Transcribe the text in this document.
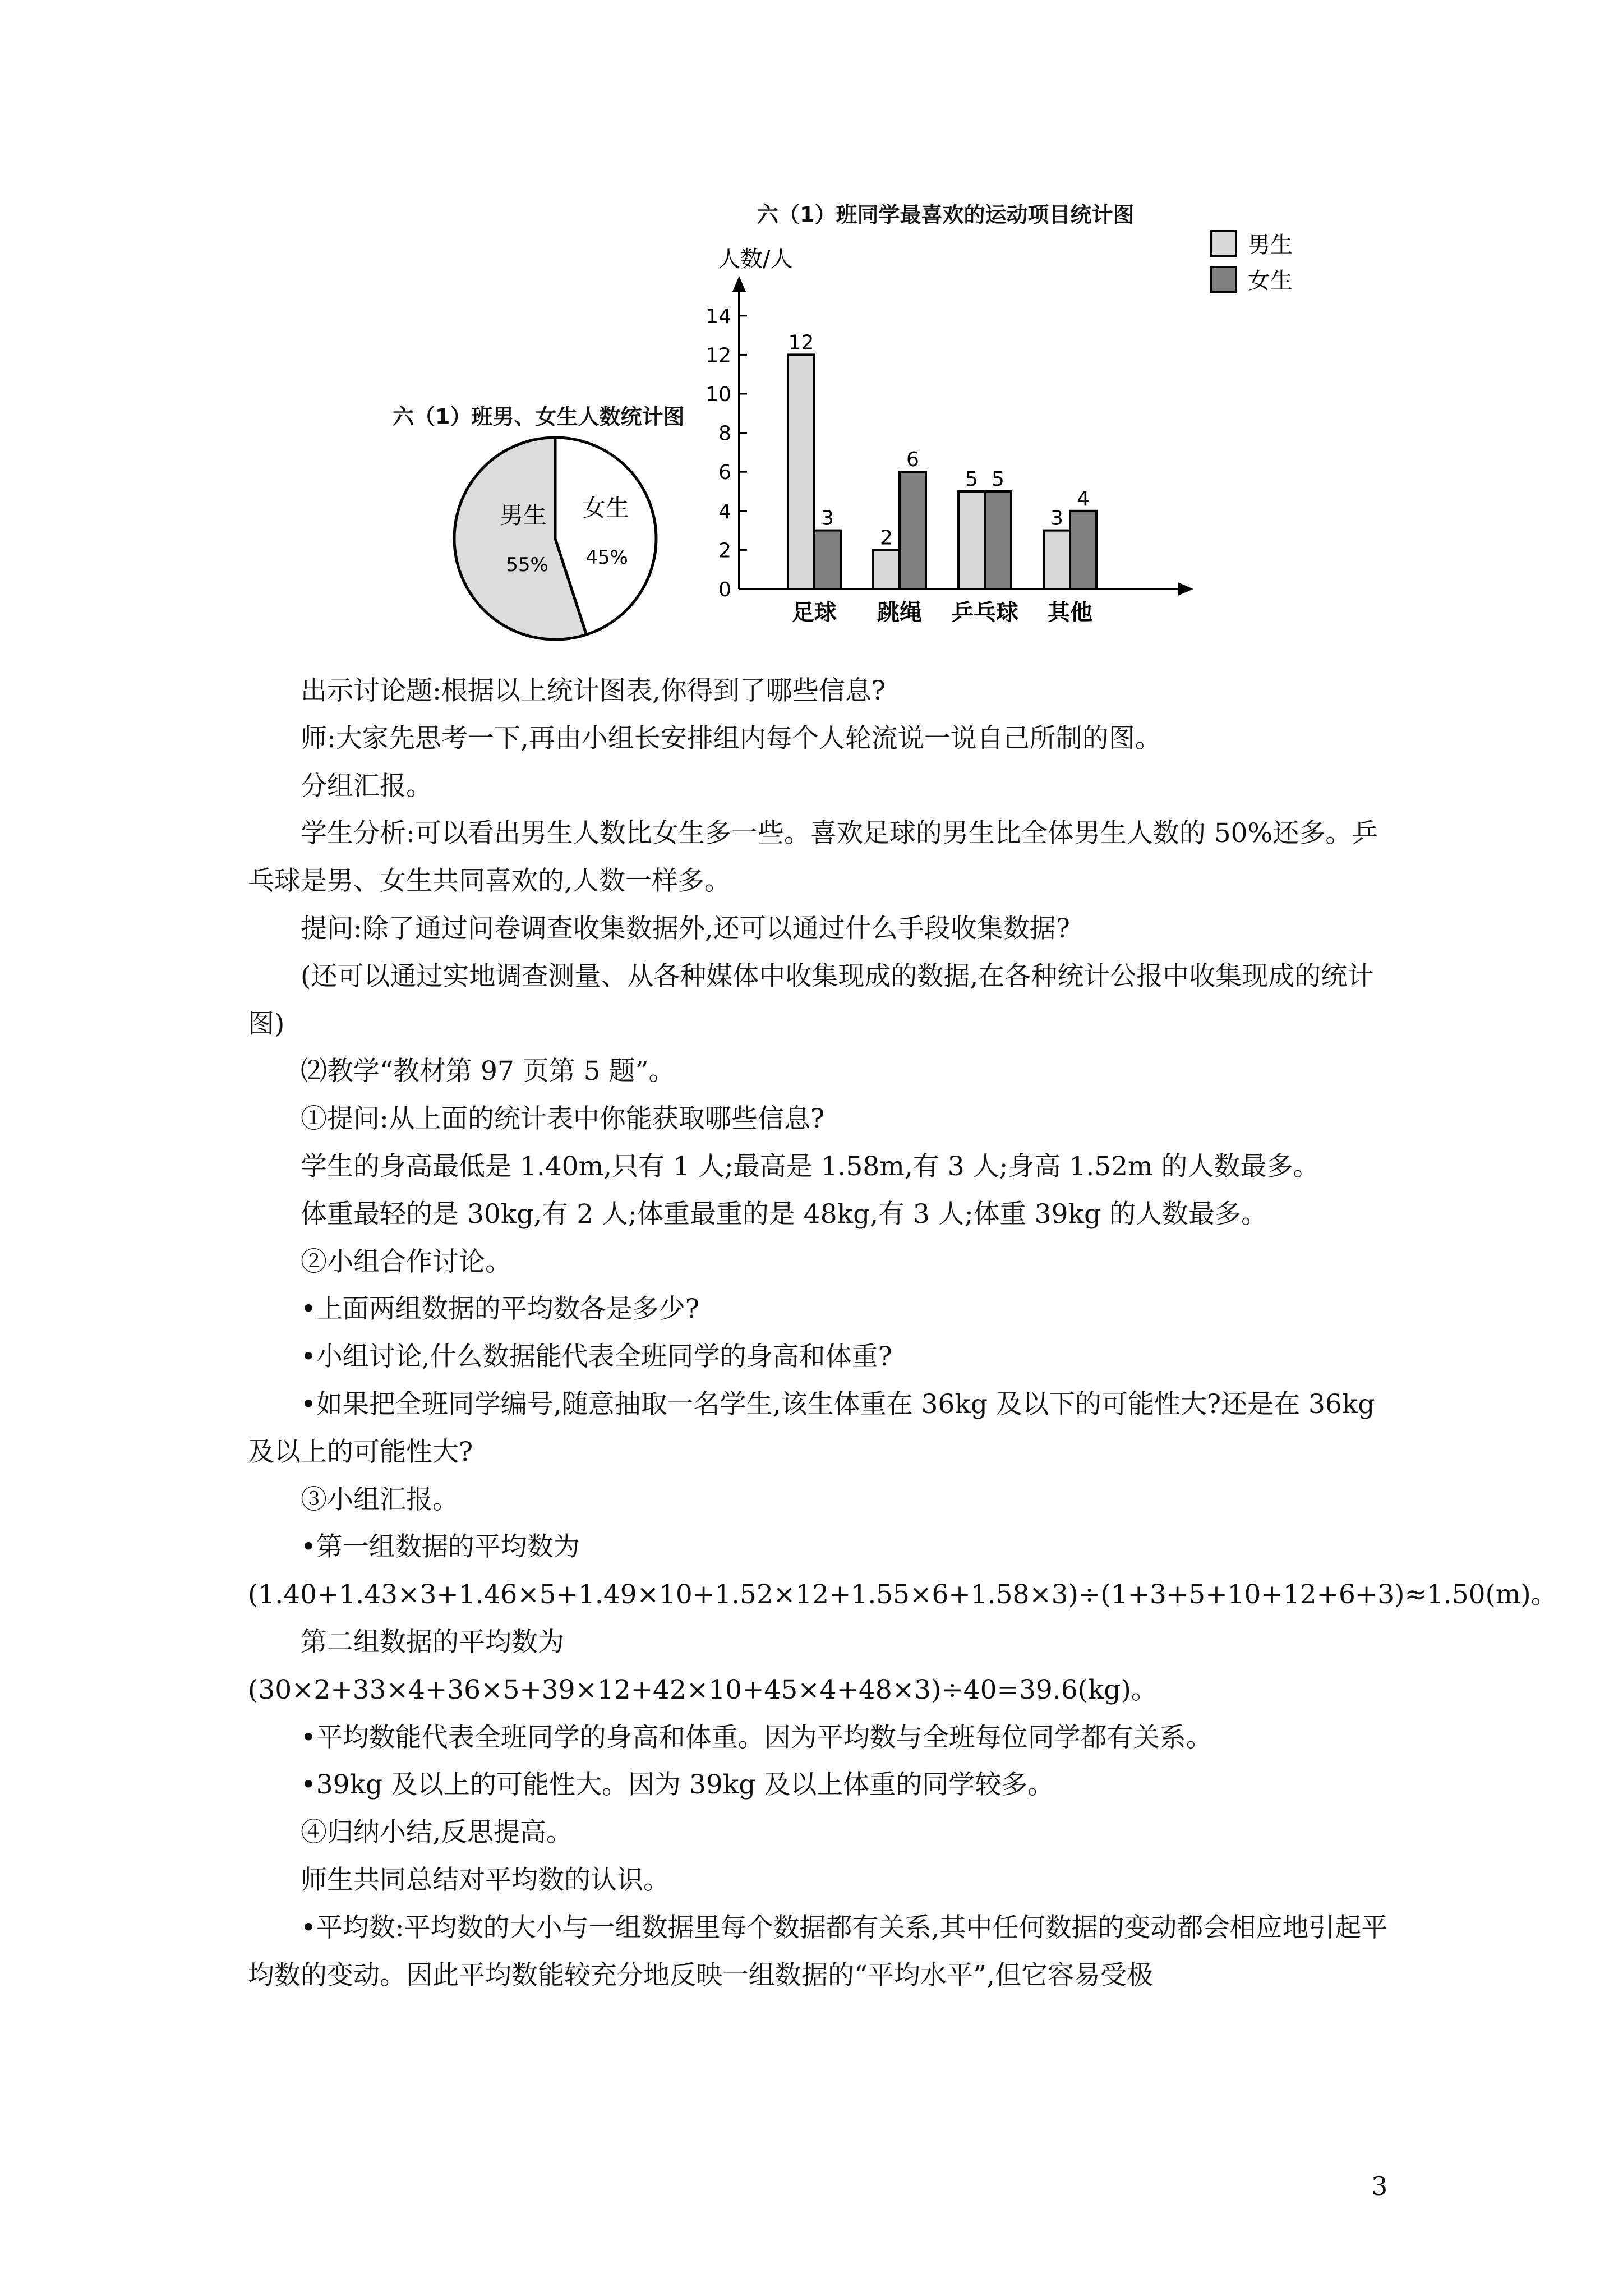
六（1）班男、女生人数统计图
男生
55%
女生
45%
六（1）班同学最喜欢的运动项目统计图
0
2
4
6
8
10
12
14
12
3
2
6
5 5
3
4
足球 跳绳 乒乓球 其他
人数/人
男生
女生

出示讨论题:根据以上统计图表,你得到了哪些信息?

师:大家先思考一下,再由小组长安排组内每个人轮流说一说自己所制的图。

分组汇报。

学生分析:可以看出男生人数比女生多一些。喜欢足球的男生比全体男生人数的 50%还多。乒乓球是男、女生共同喜欢的,人数一样多。

提问:除了通过问卷调查收集数据外,还可以通过什么手段收集数据?

(还可以通过实地调查测量、从各种媒体中收集现成的数据,在各种统计公报中收集现成的统计图)

⑵教学“教材第 97 页第 5 题”。

①提问:从上面的统计表中你能获取哪些信息?

学生的身高最低是 1.40m,只有 1 人;最高是 1.58m,有 3 人;身高 1.52m 的人数最多。

体重最轻的是 30kg,有 2 人;体重最重的是 48kg,有 3 人;体重 39kg 的人数最多。

②小组合作讨论。

•上面两组数据的平均数各是多少?

•小组讨论,什么数据能代表全班同学的身高和体重?

•如果把全班同学编号,随意抽取一名学生,该生体重在 36kg 及以下的可能性大?还是在 36kg 及以上的可能性大?

③小组汇报。

•第一组数据的平均数为

(1.40+1.43×3+1.46×5+1.49×10+1.52×12+1.55×6+1.58×3)÷(1+3+5+10+12+6+3)≈1.50(m)。

第二组数据的平均数为

(30×2+33×4+36×5+39×12+42×10+45×4+48×3)÷40=39.6(kg)。

•平均数能代表全班同学的身高和体重。因为平均数与全班每位同学都有关系。

•39kg 及以上的可能性大。因为 39kg 及以上体重的同学较多。

④归纳小结,反思提高。

师生共同总结对平均数的认识。

•平均数:平均数的大小与一组数据里每个数据都有关系,其中任何数据的变动都会相应地引起平均数的变动。因此平均数能较充分地反映一组数据的“平均水平”,但它容易受极

3
